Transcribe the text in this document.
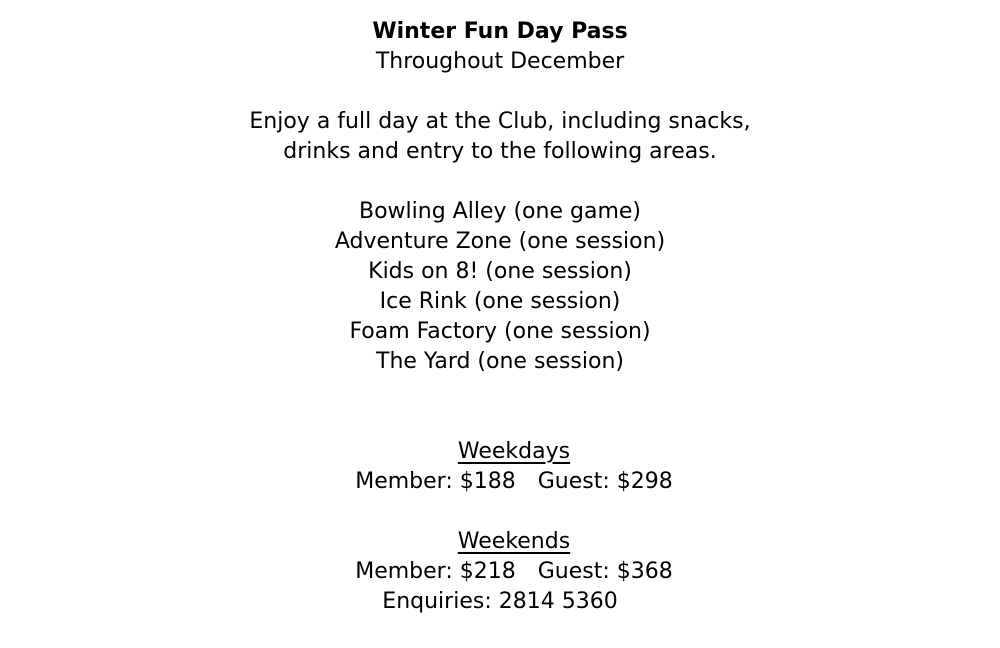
Winter Fun Day Pass
Throughout December
Enjoy a full day at the Club, including snacks,
drinks and entry to the following areas.
Bowling Alley (one game)
Adventure Zone (one session)
Kids on 8! (one session)
Ice Rink (one session)
Foam Factory (one session)
The Yard (one session)

Weekdays

Member: $188 Guest: $298

Weekends

Member: $218 Guest: $368

Enquiries: 2814 5360
